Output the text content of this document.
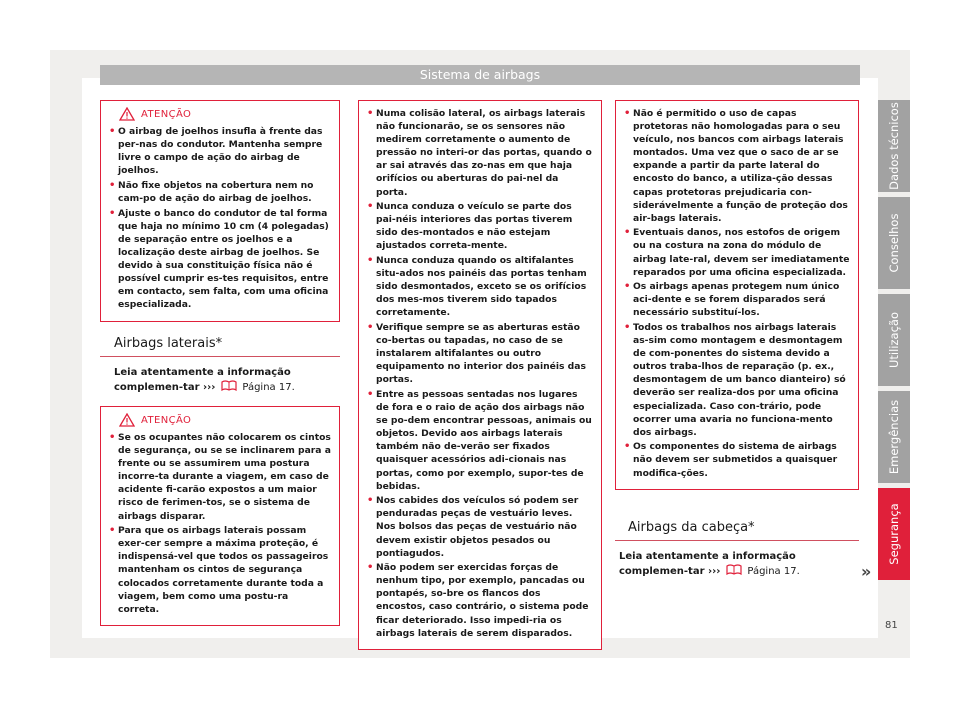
Sistema de airbags
Dados técnicos
Conselhos
Utilização
Emergências
Segurança
ATENÇÃO
• O airbag de joelhos insufla à frente das per-nas do condutor. Mantenha sempre livre o campo de ação do airbag de joelhos.
• Não fixe objetos na cobertura nem no cam-po de ação do airbag de joelhos.
• Ajuste o banco do condutor de tal forma que haja no mínimo 10 cm (4 polegadas) de separação entre os joelhos e a localização deste airbag de joelhos. Se devido à sua constituição física não é possível cumprir es-tes requisitos, entre em contacto, sem falta, com uma oficina especializada.
Airbags laterais*
Leia atentamente a informação complemen-tar ›››	Página 17.
ATENÇÃO
• Se os ocupantes não colocarem os cintos de segurança, ou se se inclinarem para a frente ou se assumirem uma postura incorre-ta durante a viagem, em caso de acidente fi-carão expostos a um maior risco de ferimen-tos, se o sistema de airbags disparar.
• Para que os airbags laterais possam exer-cer sempre a máxima proteção, é indispensá-vel que todos os passageiros mantenham os cintos de segurança colocados corretamente durante toda a viagem, bem como uma postu-ra correta.
• Numa colisão lateral, os airbags laterais não funcionarão, se os sensores não medirem corretamente o aumento de pressão no interi-or das portas, quando o ar sai através das zo-nas em que haja orifícios ou aberturas do pai-nel da porta.
• Nunca conduza o veículo se parte dos pai-néis interiores das portas tiverem sido des-montados e não estejam ajustados correta-mente.
• Nunca conduza quando os altifalantes situ-ados nos painéis das portas tenham sido desmontados, exceto se os orifícios dos mes-mos tiverem sido tapados corretamente.
• Verifique sempre se as aberturas estão co-bertas ou tapadas, no caso de se instalarem altifalantes ou outro equipamento no interior dos painéis das portas.
• Entre as pessoas sentadas nos lugares de fora e o raio de ação dos airbags não se po-dem encontrar pessoas, animais ou objetos. Devido aos airbags laterais também não de-verão ser fixados quaisquer acessórios adi-cionais nas portas, como por exemplo, supor-tes de bebidas.
• Nos cabides dos veículos só podem ser penduradas peças de vestuário leves. Nos bolsos das peças de vestuário não devem existir objetos pesados ou pontiagudos.
• Não podem ser exercidas forças de nenhum tipo, por exemplo, pancadas ou pontapés, so-bre os flancos dos encostos, caso contrário, o sistema pode ficar deteriorado. Isso impedi-ria os airbags laterais de serem disparados.
• Não é permitido o uso de capas protetoras não homologadas para o seu veículo, nos bancos com airbags laterais montados. Uma vez que o saco de ar se expande a partir da parte lateral do encosto do banco, a utiliza-ção dessas capas protetoras prejudicaria con-siderávelmente a função de proteção dos air-bags laterais.
• Eventuais danos, nos estofos de origem ou na costura na zona do módulo de airbag late-ral, devem ser imediatamente reparados por uma oficina especializada.
• Os airbags apenas protegem num único aci-dente e se forem disparados será necessário substituí-los.
• Todos os trabalhos nos airbags laterais as-sim como montagem e desmontagem de com-ponentes do sistema devido a outros traba-lhos de reparação (p. ex., desmontagem de um banco dianteiro) só deverão ser realiza-dos por uma oficina especializada. Caso con-trário, pode ocorrer uma avaria no funciona-mento dos airbags.
• Os componentes do sistema de airbags não devem ser submetidos a quaisquer modifica-ções.
Airbags da cabeça*
Leia atentamente a informação complemen-tar ›››	Página 17.	»
81
